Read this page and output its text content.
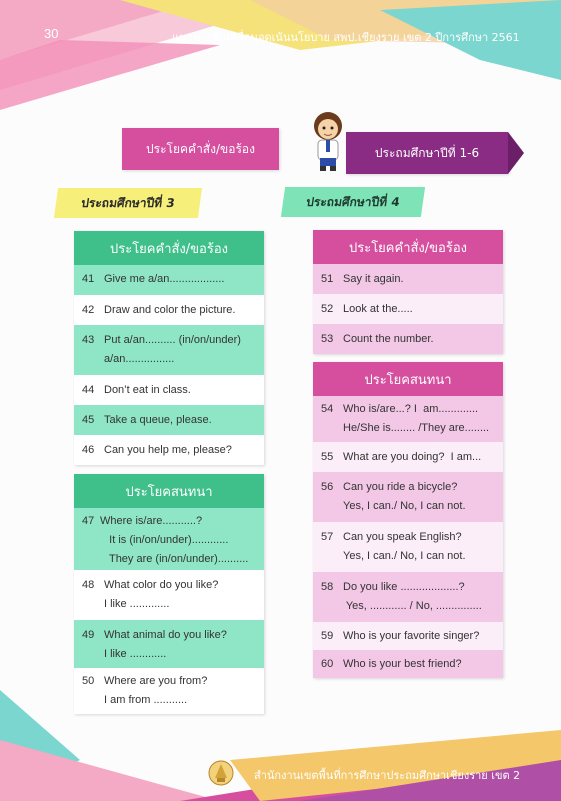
30	แนวทางขับเคลื่อนจุดเน้นนโยบาย สพป.เชียงราย เขต 2 ปีการศึกษา 2561
ประโยคคำสั่ง/ขอร้อง	ประถมศึกษาปีที่ 1-6
ประถมศึกษาปีที่ 3	ประถมศึกษาปีที่ 4
ประโยคคำสั่ง/ขอร้อง
41 Give me a/an..................
42 Draw and color the picture.
43 Put a/an.......... (in/on/under)
a/an................
44 Don’t eat in class.
45 Take a queue, please.
46 Can you help me, please?
ประโยคสนทนา
47 Where is/are...........?
It is (in/on/under)............
They are (in/on/under)..........
48 What color do you like?
I like .............
49 What animal do you like?
I like ............
50 Where are you from?
I am from ...........
ประโยคคำสั่ง/ขอร้อง
51 Say it again.
52 Look at the.....
53 Count the number.
ประโยคสนทนา
54 Who is/are...? I  am.............
He/She is........ /They are........
55 What are you doing?  I am...
56 Can you ride a bicycle?
Yes, I can./ No, I can not.
57 Can you speak English?
Yes, I can./ No, I can not.
58 Do you like ...................?
Yes, ............ / No, ...............
59 Who is your favorite singer?
60 Who is your best friend?
สำนักงานเขตพื้นที่การศึกษาประถมศึกษาเชียงราย เขต 2
